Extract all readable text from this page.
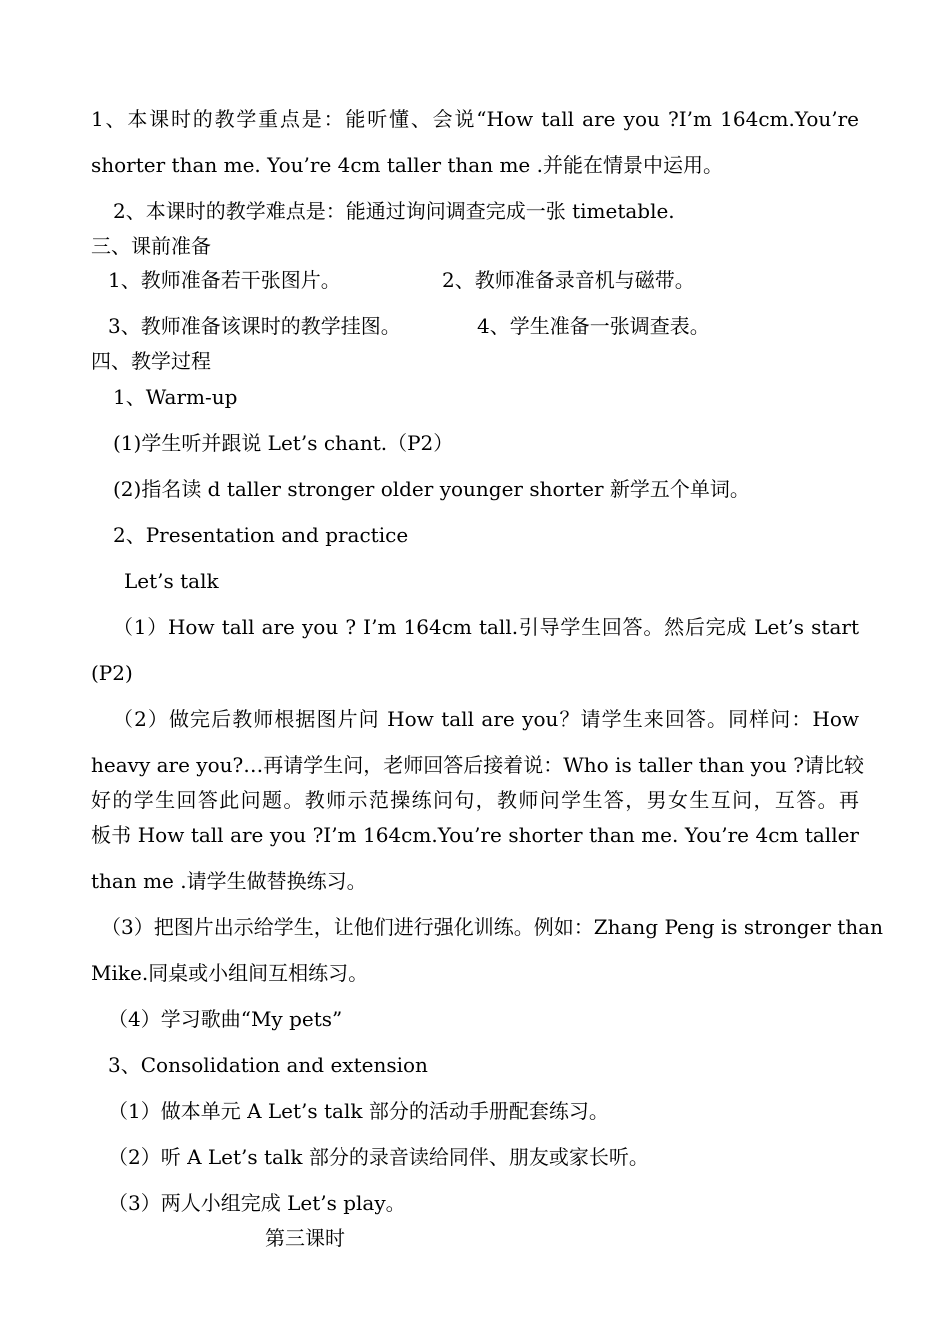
1、本课时的教学重点是：能听懂、会说“How tall are you ?I’m 164cm.You’re
shorter than me. You’re 4cm taller than me .并能在情景中运用。
2、本课时的教学难点是：能通过询问调查完成一张 timetable.
三、课前准备
1、教师准备若干张图片。	2、教师准备录音机与磁带。
3、教师准备该课时的教学挂图。	4、学生准备一张调查表。
四、教学过程
1、Warm-up
(1)学生听并跟说 Let’s chant.（P2）
(2)指名读 d taller stronger older younger shorter 新学五个单词。
2、Presentation and practice
Let’s talk
（1）How tall are you ? I’m 164cm tall.引导学生回答。然后完成 Let’s start
(P2)
（2）做完后教师根据图片问 How tall are you？请学生来回答。同样问：How
heavy are you?…再请学生问，老师回答后接着说：Who is taller than you ?请比较
好的学生回答此问题。教师示范操练问句，教师问学生答，男女生互问，互答。再
板书 How tall are you ?I’m 164cm.You’re shorter than me. You’re 4cm taller
than me .请学生做替换练习。
（3）把图片出示给学生，让他们进行强化训练。例如：Zhang Peng is stronger than
Mike.同桌或小组间互相练习。
（4）学习歌曲“My pets”
3、Consolidation and extension
（1）做本单元 A Let’s talk 部分的活动手册配套练习。
（2）听 A Let’s talk 部分的录音读给同伴、朋友或家长听。
（3）两人小组完成 Let’s play。
第三课时
